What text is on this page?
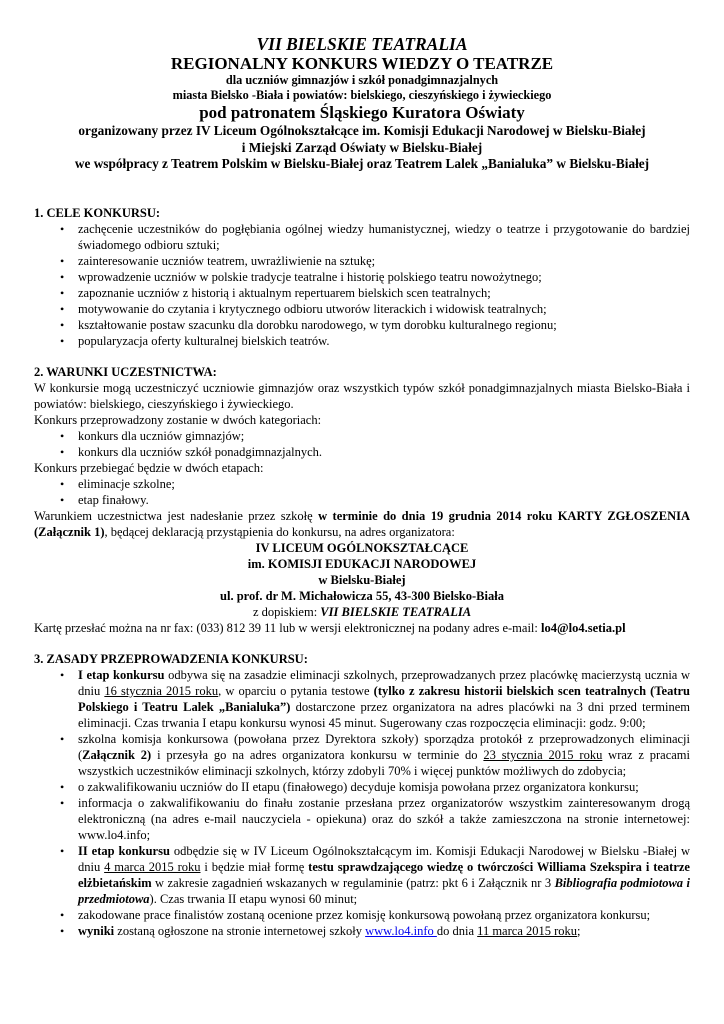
VII BIELSKIE TEATRALIA
REGIONALNY KONKURS WIEDZY O TEATRZE
dla uczniów gimnazjów i szkół ponadgimnazjalnych
miasta Bielsko -Biała i powiatów: bielskiego, cieszyńskiego i żywieckiego
pod patronatem Śląskiego Kuratora Oświaty
organizowany przez IV Liceum Ogólnokształcące im. Komisji Edukacji Narodowej w Bielsku-Białej
i Miejski Zarząd Oświaty w Bielsku-Białej
we współpracy z Teatrem Polskim w Bielsku-Białej oraz Teatrem Lalek „Banialuka” w Bielsku-Białej

1. CELE KONKURSU:

• zachęcenie uczestników do pogłębiania ogólnej wiedzy humanistycznej, wiedzy o teatrze i przygotowanie do bardziej świadomego odbioru sztuki;
• zainteresowanie uczniów teatrem, uwrażliwienie na sztukę;
• wprowadzenie uczniów w polskie tradycje teatralne i historię polskiego teatru nowożytnego;
• zapoznanie uczniów z historią i aktualnym repertuarem bielskich scen teatralnych;
• motywowanie do czytania i krytycznego odbioru utworów literackich i widowisk teatralnych;
• kształtowanie postaw szacunku dla dorobku narodowego, w tym dorobku kulturalnego regionu;
• popularyzacja oferty kulturalnej bielskich teatrów.

2. WARUNKI UCZESTNICTWA:

W konkursie mogą uczestniczyć uczniowie gimnazjów oraz wszystkich typów szkół ponadgimnazjalnych miasta Bielsko-Biała i powiatów: bielskiego, cieszyńskiego i żywieckiego.

Konkurs przeprowadzony zostanie w dwóch kategoriach:

• konkurs dla uczniów gimnazjów;
• konkurs dla uczniów szkół ponadgimnazjalnych.

Konkurs przebiegać będzie w dwóch etapach:

• eliminacje szkolne;
• etap finałowy.

Warunkiem uczestnictwa jest nadesłanie przez szkołę w terminie do dnia 19 grudnia 2014 roku KARTY ZGŁOSZENIA (Załącznik 1), będącej deklaracją przystąpienia do konkursu, na adres organizatora:

IV LICEUM OGÓLNOKSZTAŁCĄCE
im. KOMISJI EDUKACJI NARODOWEJ
w Bielsku-Białej
ul. prof. dr M. Michałowicza 55, 43-300 Bielsko-Biała

z dopiskiem: VII BIELSKIE TEATRALIA

Kartę przesłać można na nr fax: (033) 812 39 11 lub w wersji elektronicznej na podany adres e-mail: lo4@lo4.setia.pl

3. ZASADY PRZEPROWADZENIA KONKURSU:

• I etap konkursu odbywa się na zasadzie eliminacji szkolnych, przeprowadzanych przez placówkę macierzystą ucznia w dniu 16 stycznia 2015 roku, w oparciu o pytania testowe (tylko z zakresu historii bielskich scen teatralnych (Teatru Polskiego i Teatru Lalek „Banialuka”) dostarczone przez organizatora na adres placówki na 3 dni przed terminem eliminacji. Czas trwania I etapu konkursu wynosi 45 minut. Sugerowany czas rozpoczęcia eliminacji: godz. 9:00;
• szkolna komisja konkursowa (powołana przez Dyrektora szkoły) sporządza protokół z przeprowadzonych eliminacji (Załącznik 2) i przesyła go na adres organizatora konkursu w terminie do 23 stycznia 2015 roku wraz z pracami wszystkich uczestników eliminacji szkolnych, którzy zdobyli 70% i więcej punktów możliwych do zdobycia;
• o zakwalifikowaniu uczniów do II etapu (finałowego) decyduje komisja powołana przez organizatora konkursu;
• informacja o zakwalifikowaniu do finału zostanie przesłana przez organizatorów wszystkim zainteresowanym drogą elektroniczną (na adres e-mail nauczyciela - opiekuna) oraz do szkół a także zamieszczona na stronie internetowej: www.lo4.info;
• II etap konkursu odbędzie się w IV Liceum Ogólnokształcącym im. Komisji Edukacji Narodowej w Bielsku -Białej w dniu 4 marca 2015 roku i będzie miał formę testu sprawdzającego wiedzę o twórczości Williama Szekspira i teatrze elżbietańskim w zakresie zagadnień wskazanych w regulaminie (patrz: pkt 6 i Załącznik nr 3 Bibliografia podmiotowa i przedmiotowa). Czas trwania II etapu wynosi 60 minut;
• zakodowane prace finalistów zostaną ocenione przez komisję konkursową powołaną przez organizatora konkursu;
• wyniki zostaną ogłoszone na stronie internetowej szkoły www.lo4.info do dnia 11 marca 2015 roku;
